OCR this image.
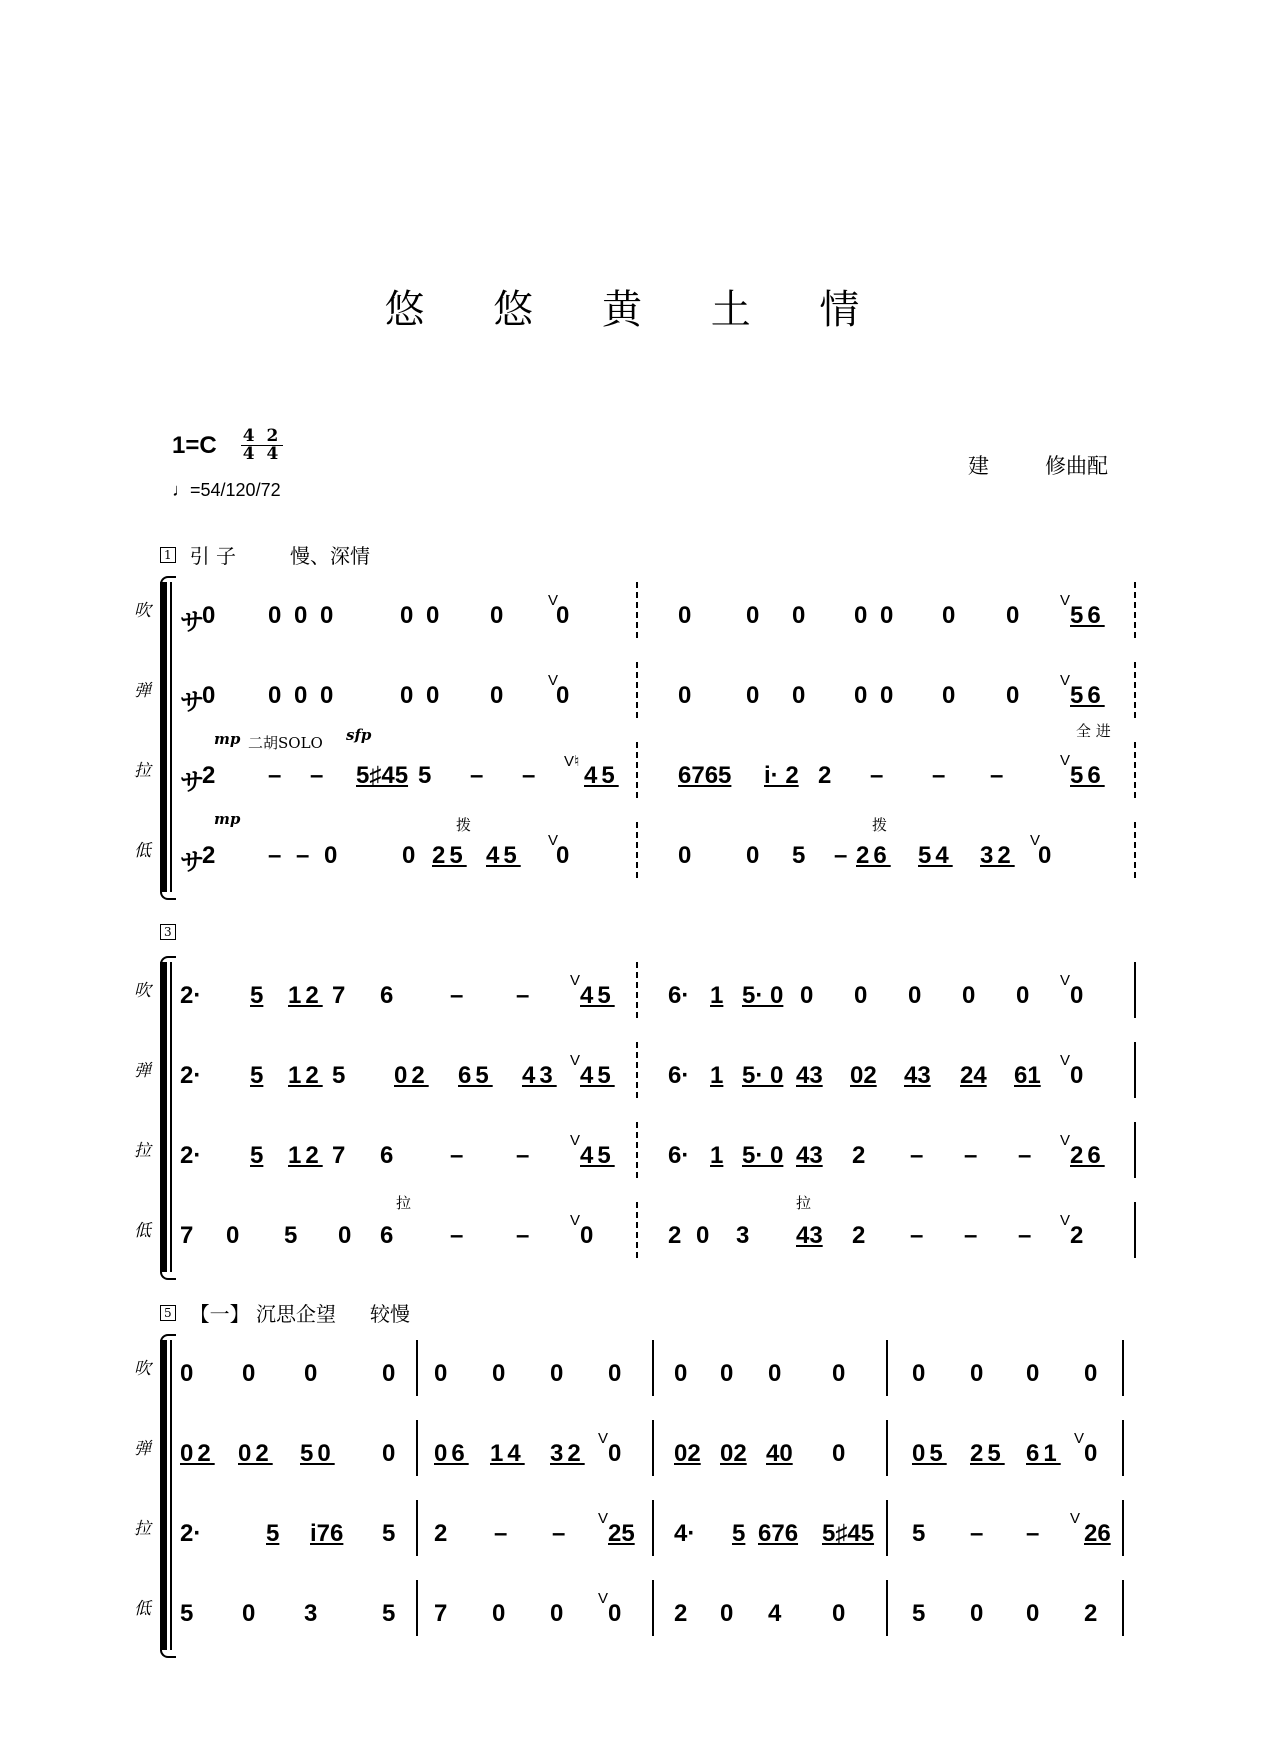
悠 悠 黄 土 情
$1=C \frac{4 2}{4 4}$
♩=54/120/72
建	修曲配
1 引 子	慢、深情
吹 サ
0 0 0 0	0 0 0
V
0	0 0 0 0 0 0 0
V
56
弹 サ
0 0 0 0	0 0 0
V
0	0 0 0 0 0 0 0
V
56
拉
mp 二胡SOLO sfp	全 进
サ
2 – – 5♯45 5 – –
V♮
45 6765 i· 2 2 – – –
V
56
低
mp	拨	拨
サ
2 – – 0	0 25 45
V
0	0 0 5 – 26 54 32
V
0
3
吹 2· 5 12 7 6 – –
V
45 6· 1 5· 0 0 0 0 0 0
V
0
弹 2· 5 12 5 02 65 43
V
45 6· 1 5· 0 43 02 43 24 61
V
0
拉 2· 5 12 7 6 – –
V
45 6· 1 5· 0 43 2 – – –
V
26
低
拉	拉
7 0 5 0 6 – –
V
0	2 0 3 43 2 – – –
V
2
5 【一】 沉思企望 较慢
吹 0 0 0	0 0 0 0 0 0 0 0 0	0 0 0 0
弹 02 02 50 0 06 14 32
V
0 02 02 40 0	05 25 61
V
0
拉 2·	5 i76 5 2 – –
V
25 4· 5 676 5♯45 5 – –
V
26
低 5 0 3	5 7 0 0
V
0 2 0 4 0	5 0 0 2
